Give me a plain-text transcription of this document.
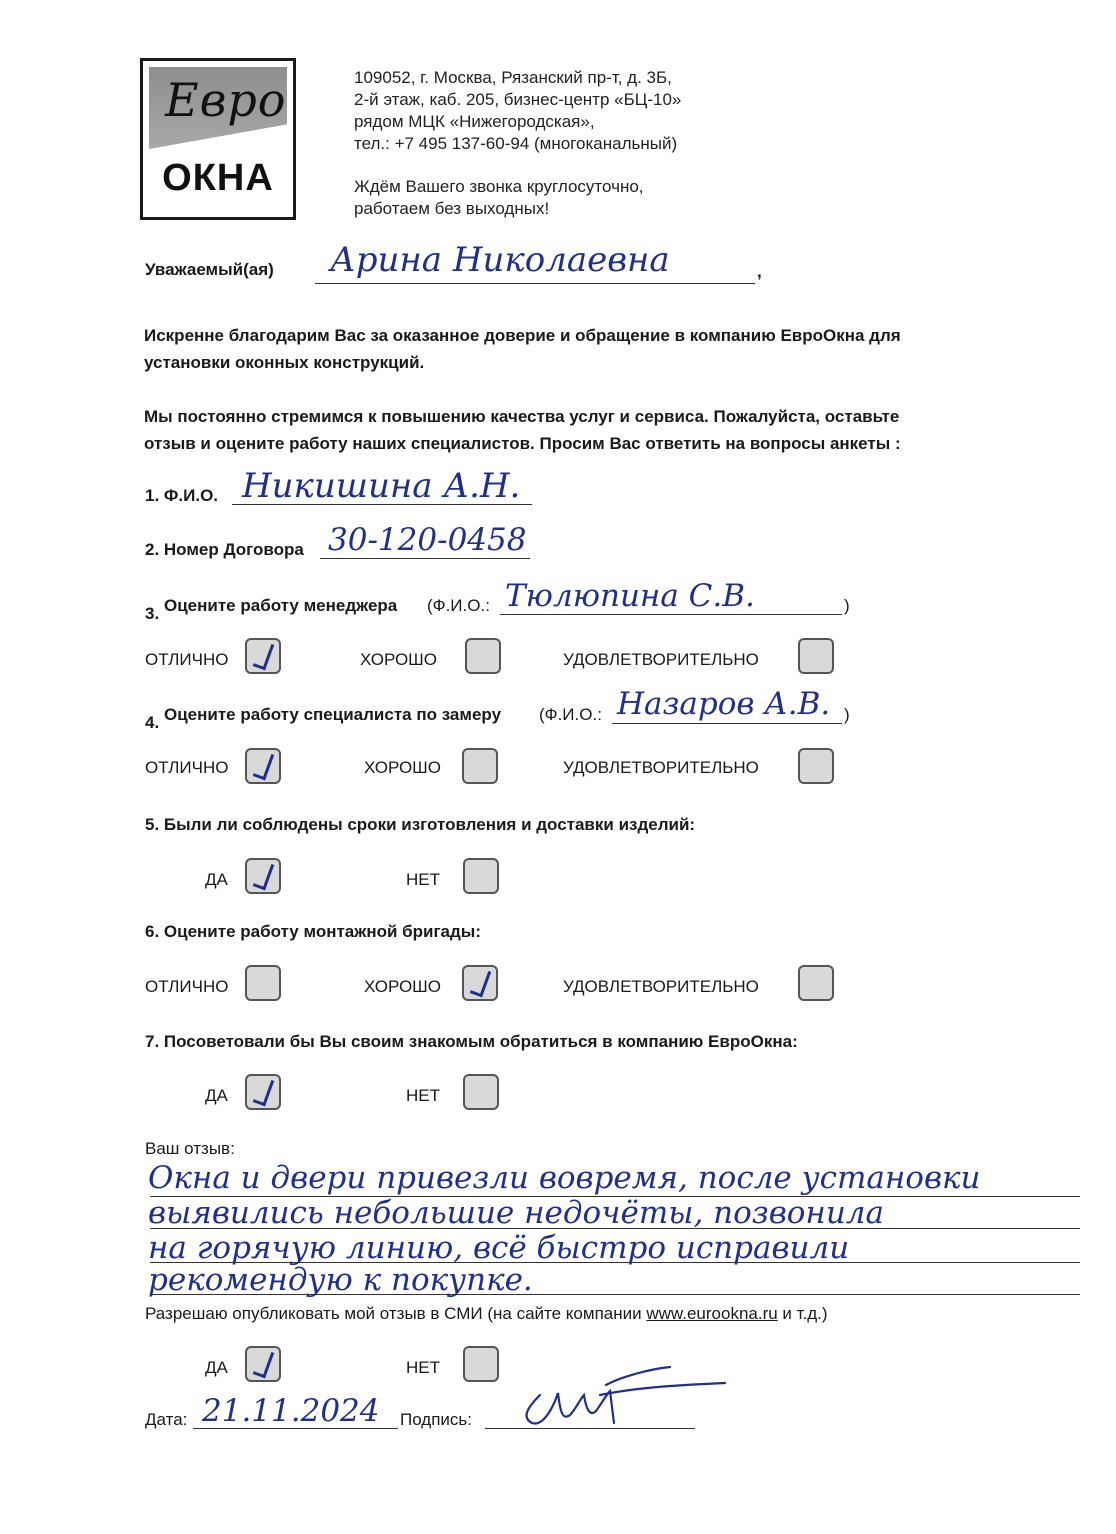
Евро
ОКНА
109052, г. Москва, Рязанский пр-т, д. 3Б,
2-й этаж, каб. 205, бизнес-центр «БЦ-10»
рядом МЦК «Нижегородская»,
тел.: +7 495 137-60-94 (многоканальный)
Ждём Вашего звонка круглосуточно,
работаем без выходных!
Уважаемый(ая) Арина Николаевна	,
Искренне благодарим Вас за оказанное доверие и обращение в компанию ЕвроОкна для
установки оконных конструкций.
Мы постоянно стремимся к повышению качества услуг и сервиса. Пожалуйста, оставьте
отзыв и оцените работу наших специалистов. Просим Вас ответить на вопросы анкеты :
1. Ф.И.О. Никишина А.Н.
2. Номер Договора 30-120-0458
3. Оцените работу менеджера (Ф.И.О.: Тюлюпина С.В.	)
ОТЛИЧНО	ХОРОШО	УДОВЛЕТВОРИТЕЛЬНО
4. Оцените работу специалиста по замеру (Ф.И.О.: Назаров А.В. )
ОТЛИЧНО	ХОРОШО	УДОВЛЕТВОРИТЕЛЬНО
5. Были ли соблюдены сроки изготовления и доставки изделий:
ДА	НЕТ
6. Оцените работу монтажной бригады:
ОТЛИЧНО	ХОРОШО	УДОВЛЕТВОРИТЕЛЬНО
7. Посоветовали бы Вы своим знакомым обратиться в компанию ЕвроОкна:
ДА	НЕТ
Ваш отзыв:
Окна и двери привезли вовремя, после установки
выявились небольшие недочёты, позвонила
на горячую линию, всё быстро исправили
рекомендую к покупке.
Разрешаю опубликовать мой отзыв в СМИ (на сайте компании www.eurookna.ru и т.д.)
ДА	НЕТ
Дата: 21.11.2024 Подпись:
